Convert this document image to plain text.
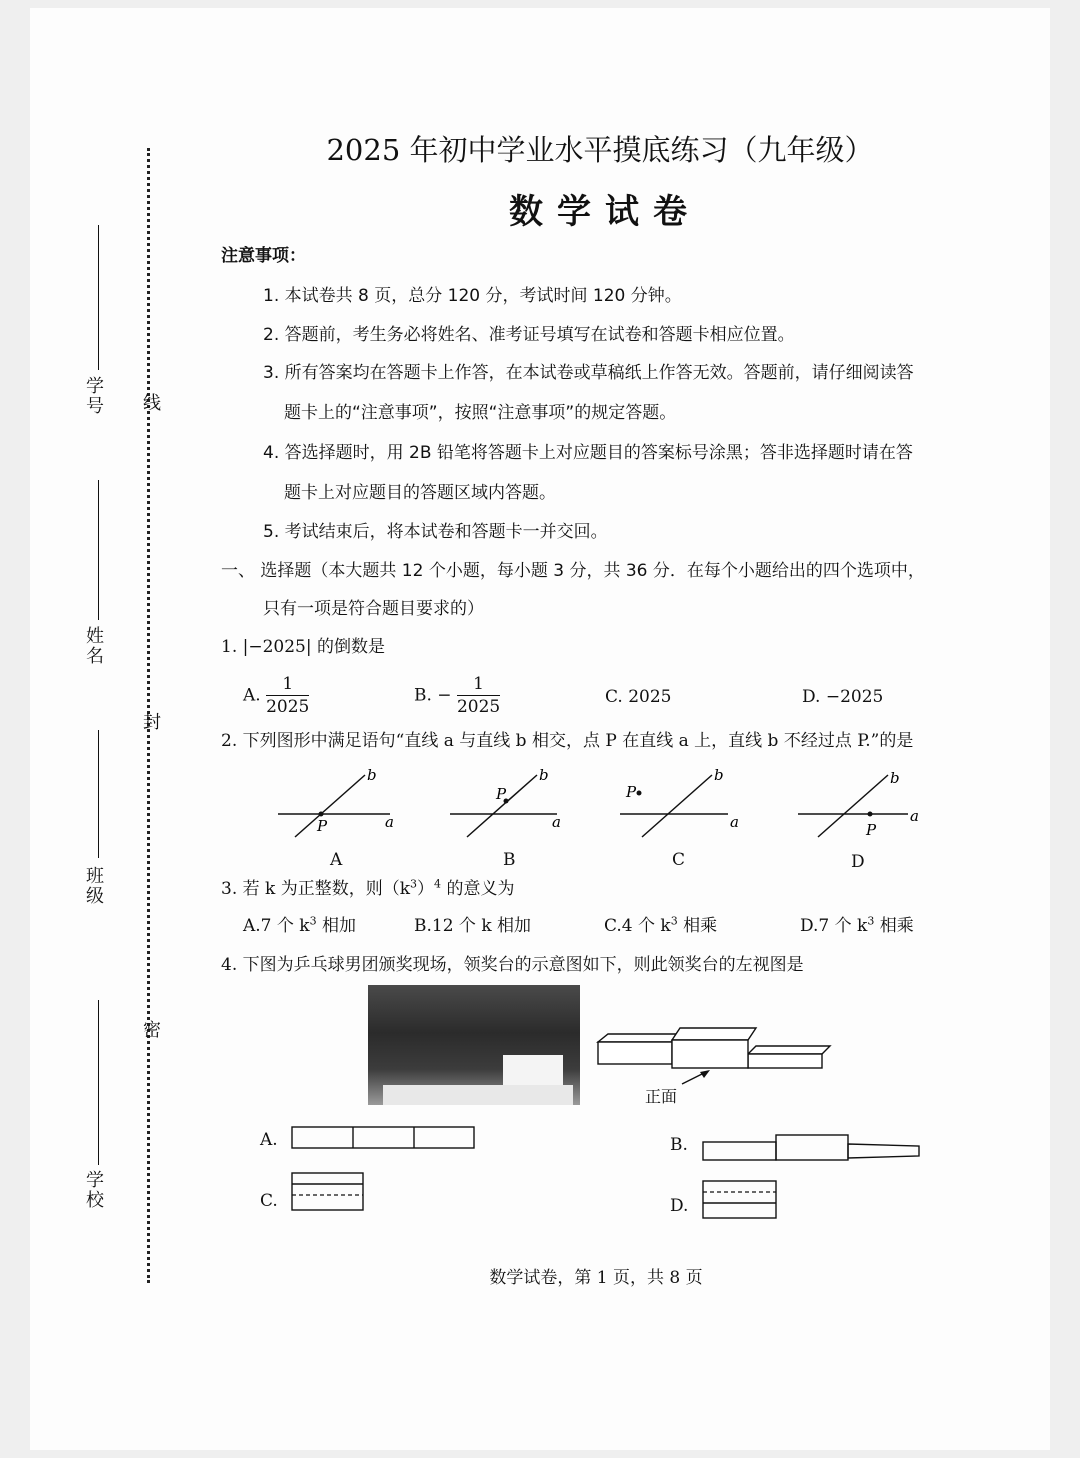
学号 线
姓名
封
班级
密
学校
2025 年初中学业水平摸底练习（九年级）
数学试卷
注意事项：
1. 本试卷共 8 页，总分 120 分，考试时间 120 分钟。
2. 答题前，考生务必将姓名、准考证号填写在试卷和答题卡相应位置。
3. 所有答案均在答题卡上作答，在本试卷或草稿纸上作答无效。答题前，请仔细阅读答
题卡上的“注意事项”，按照“注意事项”的规定答题。
4. 答选择题时，用 2B 铅笔将答题卡上对应题目的答案标号涂黑；答非选择题时请在答
题卡上对应题目的答题区域内答题。
5. 考试结束后，将本试卷和答题卡一并交回。
一、 选择题（本大题共 12 个小题，每小题 3 分，共 36 分．在每个小题给出的四个选项中，
只有一项是符合题目要求的）
1. |−2025| 的倒数是
A. $\frac{1}{2025}$	B. − $\frac{1}{2025}$	C. 2025	D. −2025
2. 下列图形中满足语句“直线 a 与直线 b 相交，点 P 在直线 a 上，直线 b 不经过点 P.”的是
b
a
P
A
b
a
P
B
b
a
P
C
b
a
P
D
3. 若 k 为正整数，则$(k^3)^4$ 的意义为
A.7 个 $k^3$ 相加	B.12 个 k 相加	C.4 个 $k^3$ 相乘	D.7 个 $k^3$ 相乘
4. 下图为乒乓球男团颁奖现场，领奖台的示意图如下，则此领奖台的左视图是
正面
A.	B.
C.	D.
数学试卷，第 1 页，共 8 页
